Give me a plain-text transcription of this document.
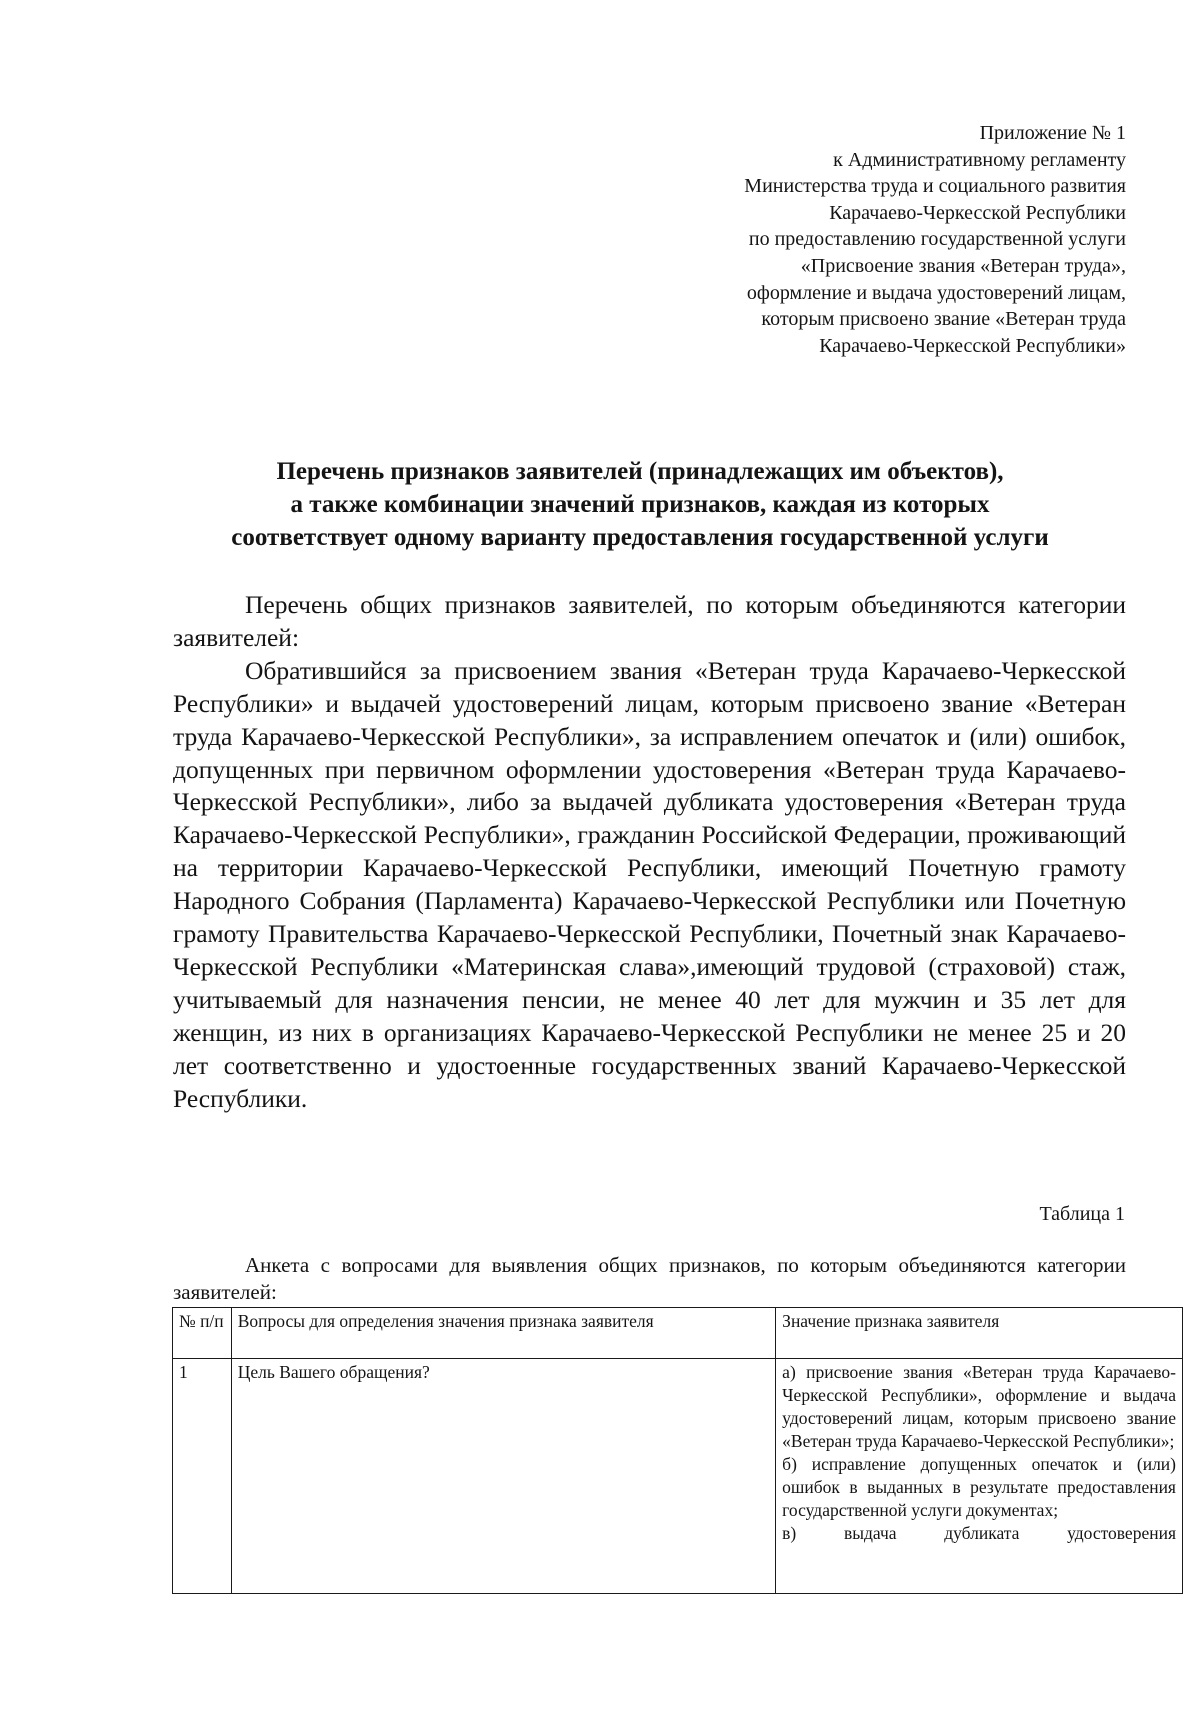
Приложение № 1
к Административному регламенту
Министерства труда и социального развития
Карачаево-Черкесской Республики
по предоставлению государственной услуги
«Присвоение звания «Ветеран труда»,
оформление и выдача удостоверений лицам,
которым присвоено звание «Ветеран труда
Карачаево-Черкесской Республики»
Перечень признаков заявителей (принадлежащих им объектов),
а также комбинации значений признаков, каждая из которых
соответствует одному варианту предоставления государственной услуги
Перечень общих признаков заявителей, по которым объединяются категории заявителей:
Обратившийся за присвоением звания «Ветеран труда Карачаево-Черкесской Республики» и выдачей удостоверений лицам, которым присвоено звание «Ветеран труда Карачаево-Черкесской Республики», за исправлением опечаток и (или) ошибок, допущенных при первичном оформлении удостоверения «Ветеран труда Карачаево-Черкесской Республики», либо за выдачей дубликата удостоверения «Ветеран труда Карачаево-Черкесской Республики», гражданин Российской Федерации, проживающий на территории Карачаево-Черкесской Республики, имеющий Почетную грамоту Народного Собрания (Парламента) Карачаево-Черкесской Республики или Почетную грамоту Правительства Карачаево-Черкесской Республики, Почетный знак Карачаево-Черкесской Республики «Материнская слава»,имеющий трудовой (страховой) стаж, учитываемый для назначения пенсии, не менее 40 лет для мужчин и 35 лет для женщин, из них в организациях Карачаево-Черкесской Республики не менее 25 и 20 лет соответственно и удостоенные государственных званий Карачаево-Черкесской Республики.
Таблица 1
Анкета с вопросами для выявления общих признаков, по которым объединяются категории заявителей:
№ п/п	Вопросы для определения значения признака заявителя	Значение признака заявителя
1	Цель Вашего обращения?	а) присвоение звания «Ветеран труда Карачаево-Черкесской Республики», оформление и выдача удостоверений лицам, которым присвоено звание «Ветеран труда Карачаево-Черкесской Республики»;
б) исправление допущенных опечаток и (или) ошибок в выданных в результате предоставления государственной услуги документах;
в) выдача дубликата удостоверения
